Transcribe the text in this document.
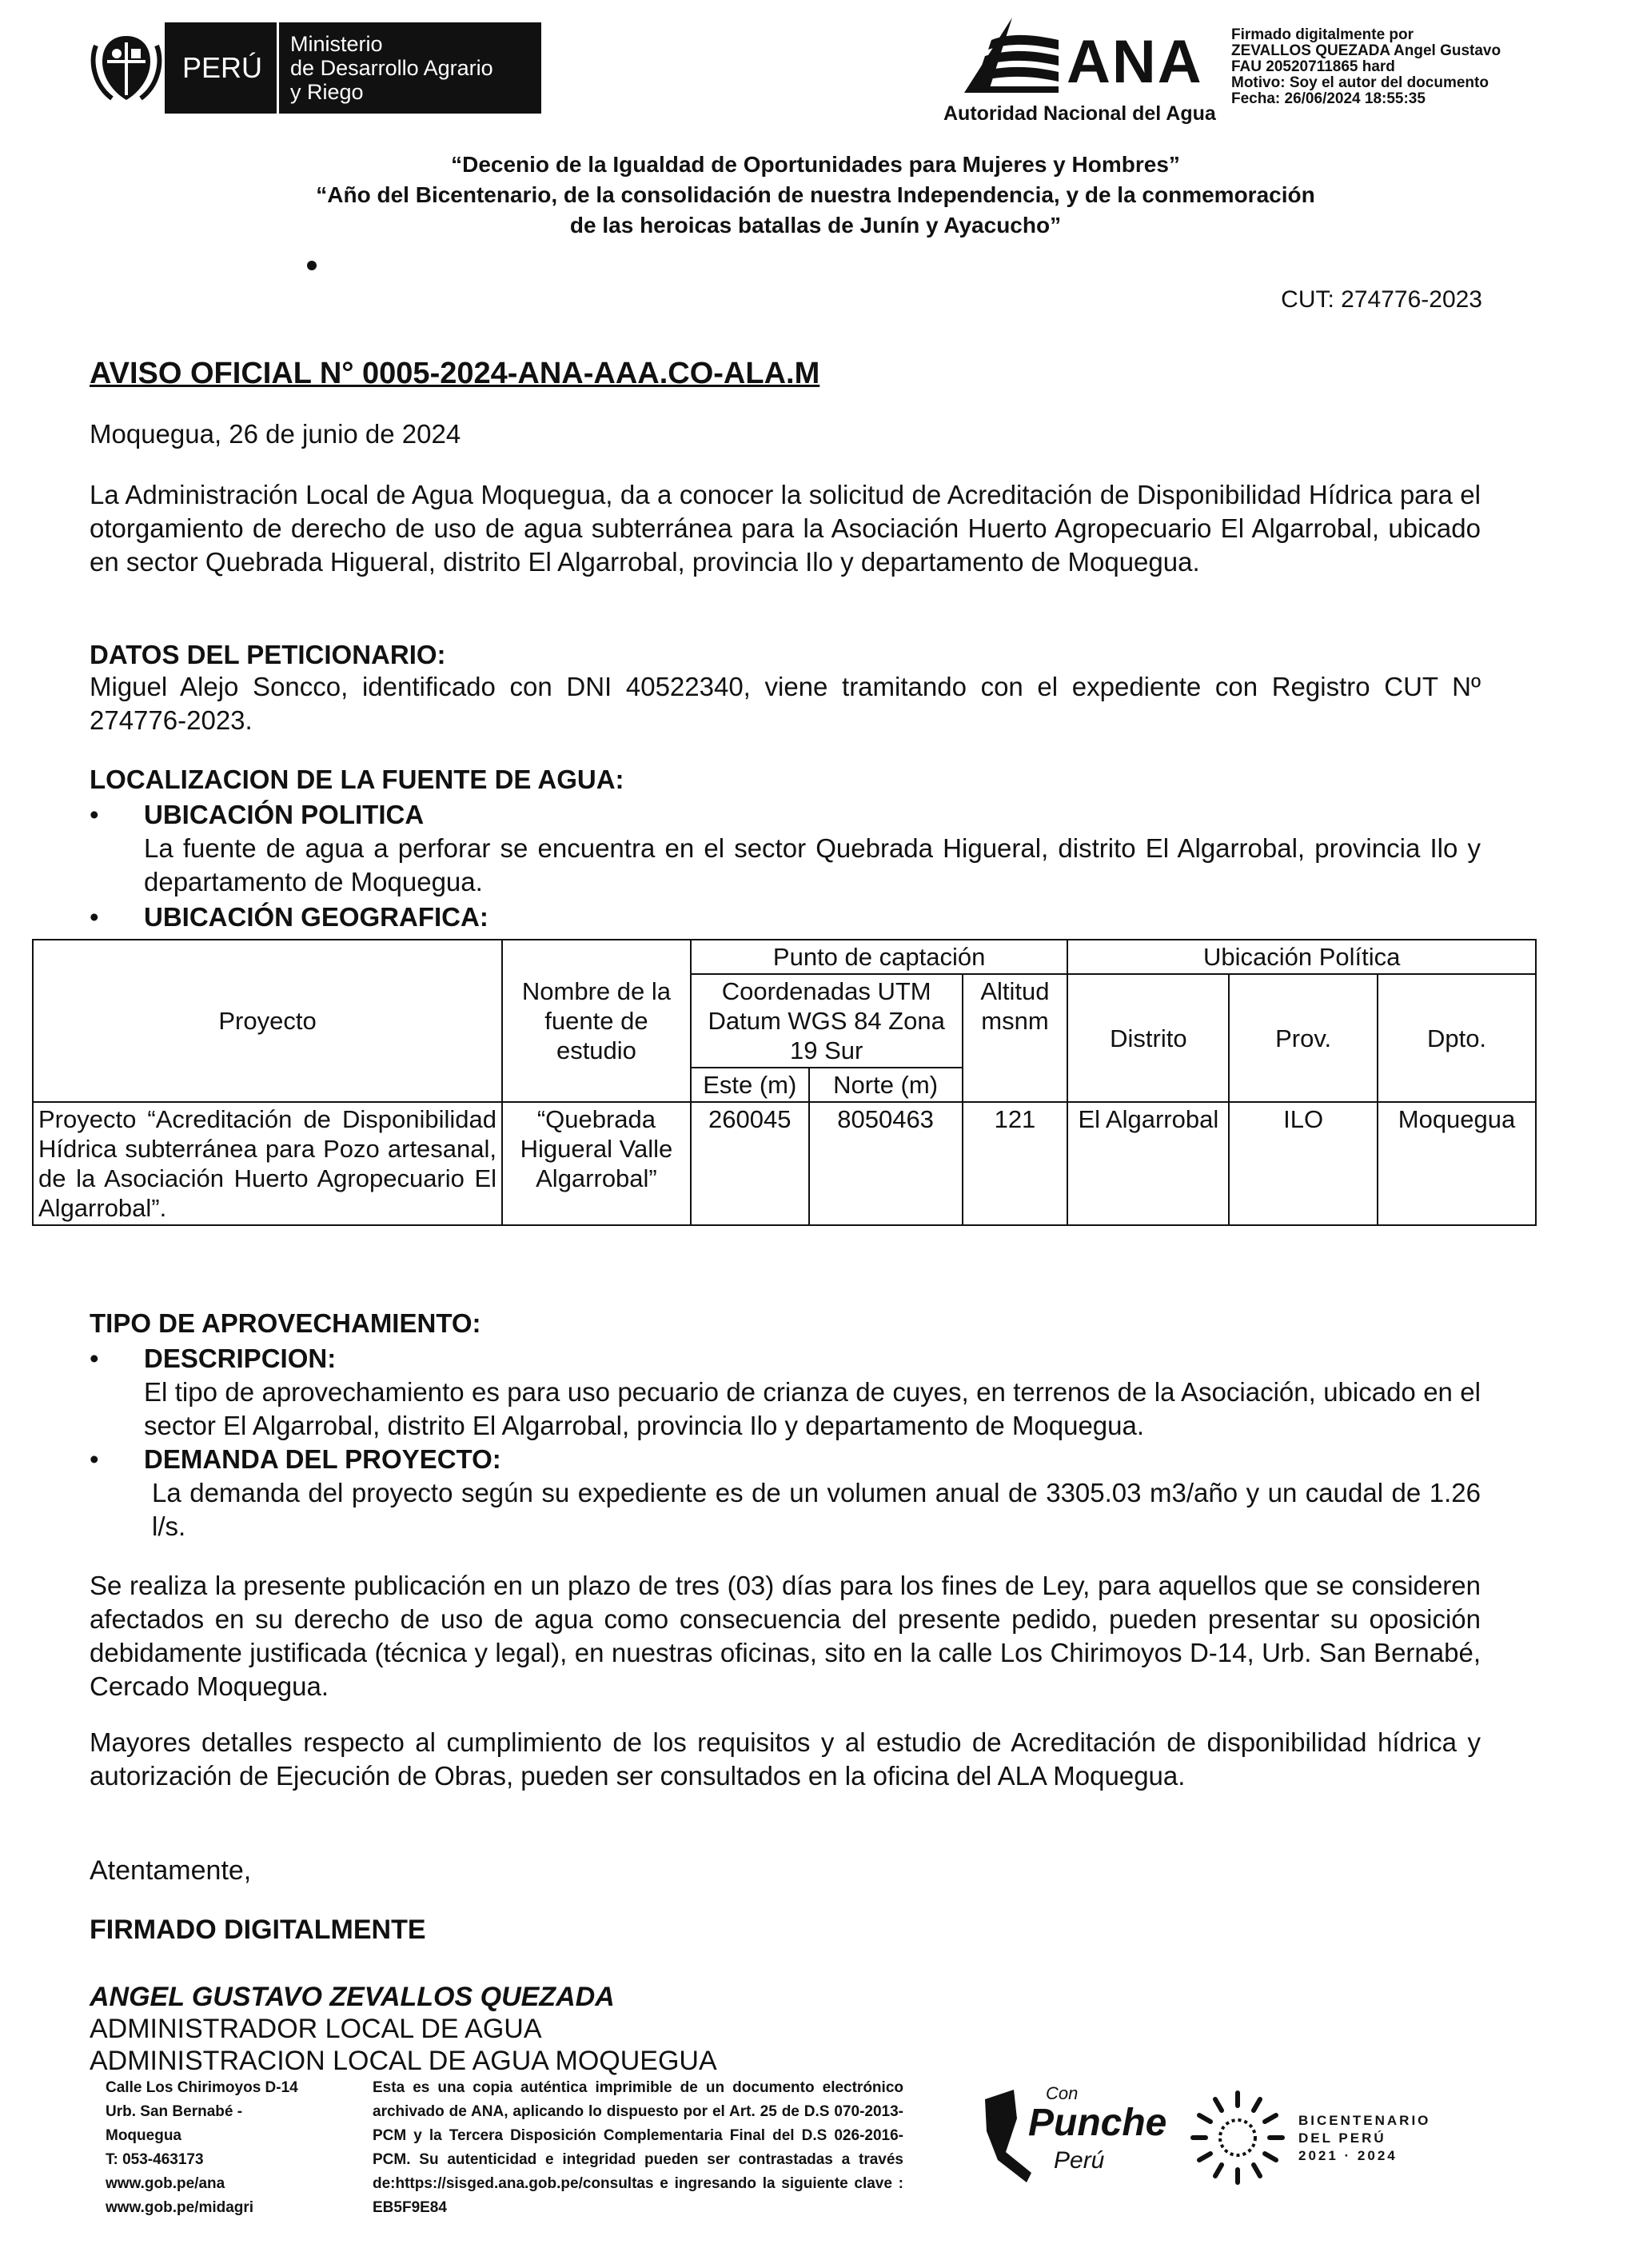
PERÚ
Ministerio
de Desarrollo Agrario
y Riego	ANA
Autoridad Nacional del Agua
Firmado digitalmente por
ZEVALLOS QUEZADA Angel Gustavo
FAU 20520711865 hard
Motivo: Soy el autor del documento
Fecha: 26/06/2024 18:55:35
“Decenio de la Igualdad de Oportunidades para Mujeres y Hombres”
“Año del Bicentenario, de la consolidación de nuestra Independencia, y de la conmemoración
de las heroicas batallas de Junín y Ayacucho”
CUT: 274776-2023
AVISO OFICIAL N° 0005-2024-ANA-AAA.CO-ALA.M
Moquegua, 26 de junio de 2024
La Administración Local de Agua Moquegua, da a conocer la solicitud de Acreditación de Disponibilidad Hídrica para el otorgamiento de derecho de uso de agua subterránea para la Asociación Huerto Agropecuario El Algarrobal, ubicado en sector Quebrada Higueral, distrito El Algarrobal, provincia Ilo y departamento de Moquegua.
DATOS DEL PETICIONARIO:
Miguel Alejo Soncco, identificado con DNI 40522340, viene tramitando con el expediente con Registro CUT Nº 274776-2023.
LOCALIZACION DE LA FUENTE DE AGUA:
• UBICACIÓN POLITICA
La fuente de agua a perforar se encuentra en el sector Quebrada Higueral, distrito El Algarrobal, provincia Ilo y departamento de Moquegua.
• UBICACIÓN GEOGRAFICA:
Proyecto	Nombre de la fuente de estudio	Punto de captación			Ubicación Política		
		Coordenadas UTM Datum WGS 84 Zona 19 Sur		Altitud msnm	Distrito	Prov.	Dpto.
		Este (m)	Norte (m)				
Proyecto “Acreditación de Disponibilidad Hídrica subterránea para Pozo artesanal, de la Asociación Huerto Agropecuario El Algarrobal”.	“Quebrada Higueral Valle Algarrobal”	260045	8050463	121	El Algarrobal	ILO	Moquegua
TIPO DE APROVECHAMIENTO:
• DESCRIPCION:
El tipo de aprovechamiento es para uso pecuario de crianza de cuyes, en terrenos de la Asociación, ubicado en el sector El Algarrobal, distrito El Algarrobal, provincia Ilo y departamento de Moquegua.
• DEMANDA DEL PROYECTO:
La demanda del proyecto según su expediente es de un volumen anual de 3305.03 m3/año y un caudal de 1.26 l/s.
Se realiza la presente publicación en un plazo de tres (03) días para los fines de Ley, para aquellos que se consideren afectados en su derecho de uso de agua como consecuencia del presente pedido, pueden presentar su oposición debidamente justificada (técnica y legal), en nuestras oficinas, sito en la calle Los Chirimoyos D-14, Urb. San Bernabé, Cercado Moquegua.
Mayores detalles respecto al cumplimiento de los requisitos y al estudio de Acreditación de disponibilidad hídrica y autorización de Ejecución de Obras, pueden ser consultados en la oficina del ALA Moquegua.
Atentamente,
FIRMADO DIGITALMENTE
ANGEL GUSTAVO ZEVALLOS QUEZADA
ADMINISTRADOR LOCAL DE AGUA
ADMINISTRACION LOCAL DE AGUA MOQUEGUA
Calle Los Chirimoyos D-14
Urb. San Bernabé -
Moquegua
T: 053-463173
www.gob.pe/ana
www.gob.pe/midagri
Esta es una copia auténtica imprimible de un documento electrónico archivado de ANA, aplicando lo dispuesto por el Art. 25 de D.S 070-2013-PCM y la Tercera Disposición Complementaria Final del D.S 026-2016-PCM. Su autenticidad e integridad pueden ser contrastadas a través de:https://sisged.ana.gob.pe/consultas e ingresando la siguiente clave : EB5F9E84
Con
Punche
Perú
BICENTENARIO
DEL PERÚ
2021 · 2024
